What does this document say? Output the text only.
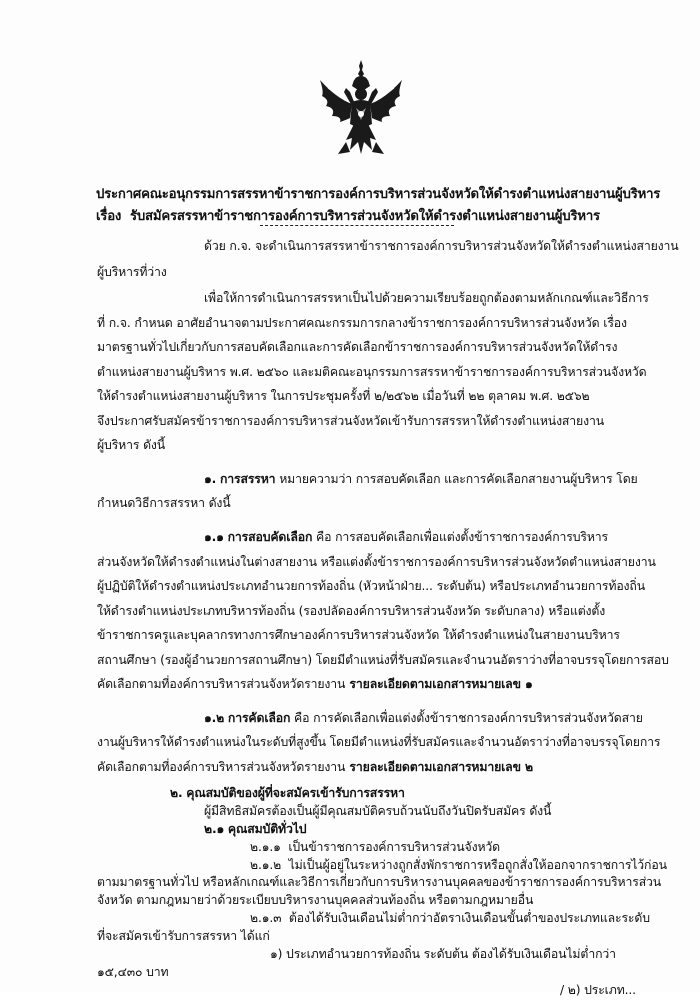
ประกาศคณะอนุกรรมการสรรหาข้าราชการองค์การบริหารส่วนจังหวัดให้ดำรงตำแหน่งสายงานผู้บริหาร
เรื่อง รับสมัครสรรหาข้าราชการองค์การบริหารส่วนจังหวัดให้ดำรงตำแหน่งสายงานผู้บริหาร
ด้วย ก.จ. จะดำเนินการสรรหาข้าราชการองค์การบริหารส่วนจังหวัดให้ดำรงตำแหน่งสายงาน
ผู้บริหารที่ว่าง
เพื่อให้การดำเนินการสรรหาเป็นไปด้วยความเรียบร้อยถูกต้องตามหลักเกณฑ์และวิธีการ
ที่ ก.จ. กำหนด อาศัยอำนาจตามประกาศคณะกรรมการกลางข้าราชการองค์การบริหารส่วนจังหวัด เรื่อง
มาตรฐานทั่วไปเกี่ยวกับการสอบคัดเลือกและการคัดเลือกข้าราชการองค์การบริหารส่วนจังหวัดให้ดำรง
ตำแหน่งสายงานผู้บริหาร พ.ศ. ๒๕๖๐ และมติคณะอนุกรรมการสรรหาข้าราชการองค์การบริหารส่วนจังหวัด
ให้ดำรงตำแหน่งสายงานผู้บริหาร ในการประชุมครั้งที่ ๒/๒๕๖๒ เมื่อวันที่ ๒๒ ตุลาคม พ.ศ. ๒๕๖๒
จึงประกาศรับสมัครข้าราชการองค์การบริหารส่วนจังหวัดเข้ารับการสรรหาให้ดำรงตำแหน่งสายงาน
ผู้บริหาร ดังนี้
๑. การสรรหา หมายความว่า การสอบคัดเลือก และการคัดเลือกสายงานผู้บริหาร โดย
กำหนดวิธีการสรรหา ดังนี้
๑.๑ การสอบคัดเลือก คือ การสอบคัดเลือกเพื่อแต่งตั้งข้าราชการองค์การบริหาร
ส่วนจังหวัดให้ดำรงตำแหน่งในต่างสายงาน หรือแต่งตั้งข้าราชการองค์การบริหารส่วนจังหวัดตำแหน่งสายงาน
ผู้ปฏิบัติให้ดำรงตำแหน่งประเภทอำนวยการท้องถิ่น (หัวหน้าฝ่าย... ระดับต้น) หรือประเภทอำนวยการท้องถิ่น
ให้ดำรงตำแหน่งประเภทบริหารท้องถิ่น (รองปลัดองค์การบริหารส่วนจังหวัด ระดับกลาง) หรือแต่งตั้ง
ข้าราชการครูและบุคลากรทางการศึกษาองค์การบริหารส่วนจังหวัด ให้ดำรงตำแหน่งในสายงานบริหาร
สถานศึกษา (รองผู้อำนวยการสถานศึกษา) โดยมีตำแหน่งที่รับสมัครและจำนวนอัตราว่างที่อาจบรรจุโดยการสอบ
คัดเลือกตามที่องค์การบริหารส่วนจังหวัดรายงาน รายละเอียดตามเอกสารหมายเลข ๑
๑.๒ การคัดเลือก คือ การคัดเลือกเพื่อแต่งตั้งข้าราชการองค์การบริหารส่วนจังหวัดสาย
งานผู้บริหารให้ดำรงตำแหน่งในระดับที่สูงขึ้น โดยมีตำแหน่งที่รับสมัครและจำนวนอัตราว่างที่อาจบรรจุโดยการ
คัดเลือกตามที่องค์การบริหารส่วนจังหวัดรายงาน รายละเอียดตามเอกสารหมายเลข ๒
๒. คุณสมบัติของผู้ที่จะสมัครเข้ารับการสรรหา
ผู้มีสิทธิสมัครต้องเป็นผู้มีคุณสมบัติครบถ้วนนับถึงวันปิดรับสมัคร ดังนี้
๒.๑ คุณสมบัติทั่วไป
๒.๑.๑ เป็นข้าราชการองค์การบริหารส่วนจังหวัด
๒.๑.๒ ไม่เป็นผู้อยู่ในระหว่างถูกสั่งพักราชการหรือถูกสั่งให้ออกจากราชการไว้ก่อน
ตามมาตรฐานทั่วไป หรือหลักเกณฑ์และวิธีการเกี่ยวกับการบริหารงานบุคคลของข้าราชการองค์การบริหารส่วน
จังหวัด ตามกฎหมายว่าด้วยระเบียบบริหารงานบุคคลส่วนท้องถิ่น หรือตามกฎหมายอื่น
๒.๑.๓ ต้องได้รับเงินเดือนไม่ต่ำกว่าอัตราเงินเดือนขั้นต่ำของประเภทและระดับ
ที่จะสมัครเข้ารับการสรรหา ได้แก่
๑) ประเภทอำนวยการท้องถิ่น ระดับต้น ต้องได้รับเงินเดือนไม่ต่ำกว่า
๑๕,๔๓๐ บาท
/ ๒) ประเภท...
